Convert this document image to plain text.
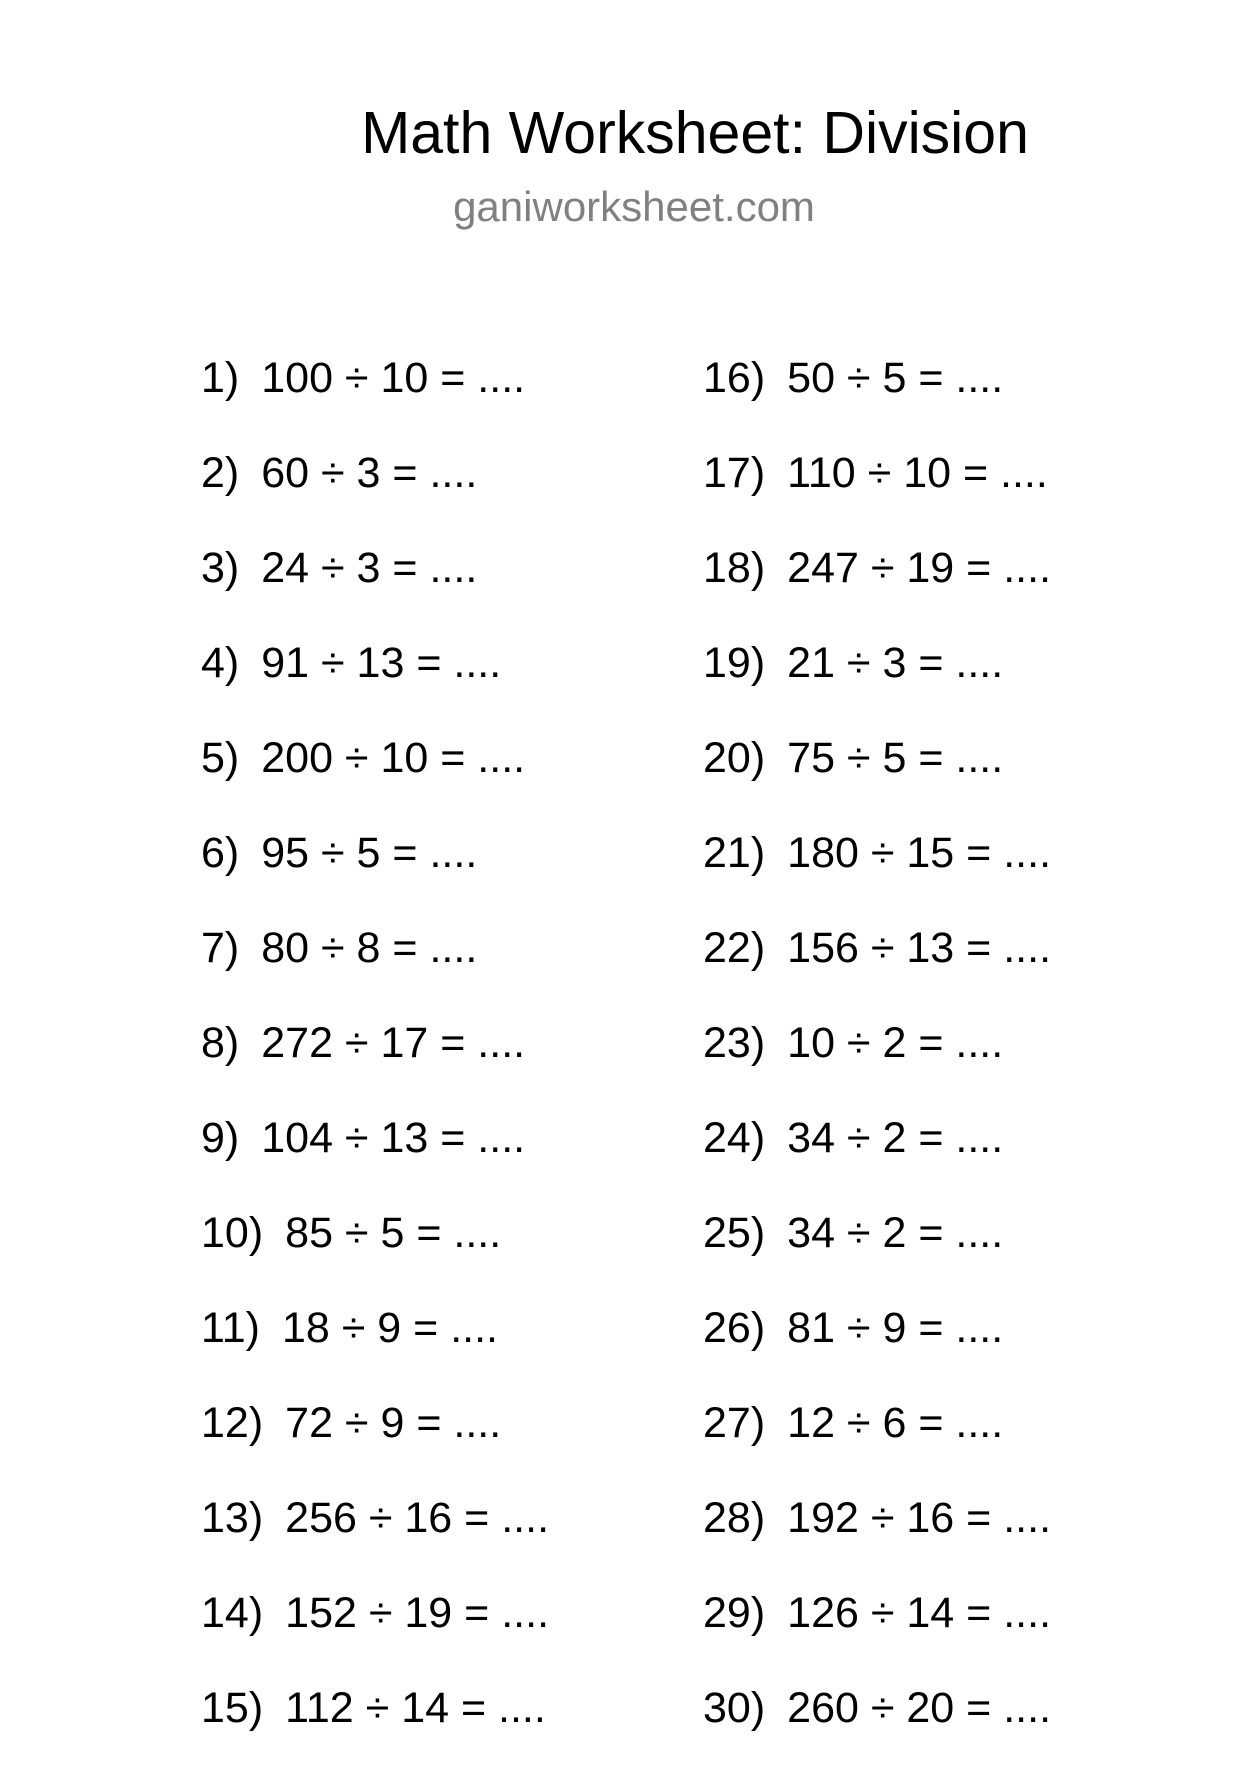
Math Worksheet: Division
ganiworksheet.com
1) 100 ÷ 10 = ....
2) 60 ÷ 3 = ....
3) 24 ÷ 3 = ....
4) 91 ÷ 13 = ....
5) 200 ÷ 10 = ....
6) 95 ÷ 5 = ....
7) 80 ÷ 8 = ....
8) 272 ÷ 17 = ....
9) 104 ÷ 13 = ....
10) 85 ÷ 5 = ....
11) 18 ÷ 9 = ....
12) 72 ÷ 9 = ....
13) 256 ÷ 16 = ....
14) 152 ÷ 19 = ....
15) 112 ÷ 14 = ....
16) 50 ÷ 5 = ....
17) 110 ÷ 10 = ....
18) 247 ÷ 19 = ....
19) 21 ÷ 3 = ....
20) 75 ÷ 5 = ....
21) 180 ÷ 15 = ....
22) 156 ÷ 13 = ....
23) 10 ÷ 2 = ....
24) 34 ÷ 2 = ....
25) 34 ÷ 2 = ....
26) 81 ÷ 9 = ....
27) 12 ÷ 6 = ....
28) 192 ÷ 16 = ....
29) 126 ÷ 14 = ....
30) 260 ÷ 20 = ....
